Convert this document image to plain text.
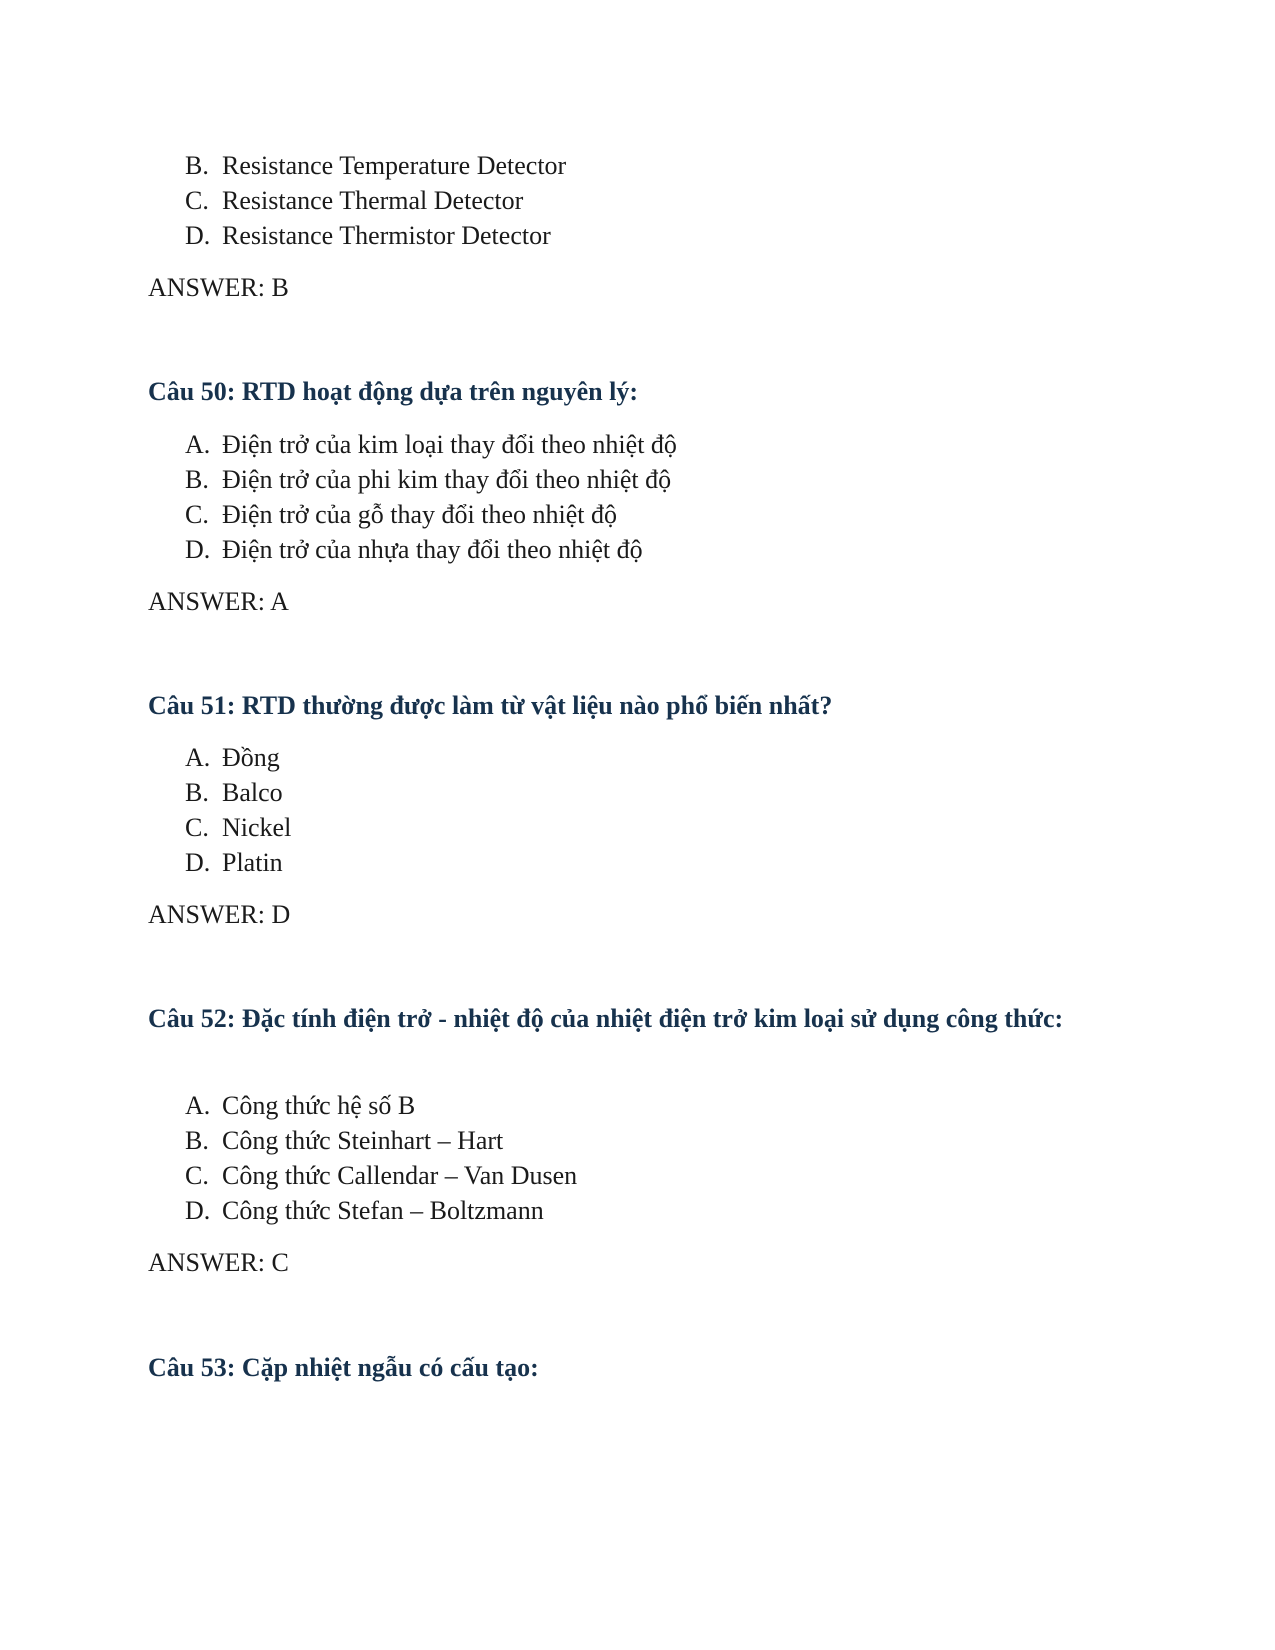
B. Resistance Temperature Detector
C. Resistance Thermal Detector
D. Resistance Thermistor Detector
ANSWER: B
Câu 50: RTD hoạt động dựa trên nguyên lý:
A. Điện trở của kim loại thay đổi theo nhiệt độ
B. Điện trở của phi kim thay đổi theo nhiệt độ
C. Điện trở của gỗ thay đổi theo nhiệt độ
D. Điện trở của nhựa thay đổi theo nhiệt độ
ANSWER: A
Câu 51: RTD thường được làm từ vật liệu nào phổ biến nhất?
A. Đồng
B. Balco
C. Nickel
D. Platin
ANSWER: D
Câu 52: Đặc tính điện trở - nhiệt độ của nhiệt điện trở kim loại sử dụng công thức:
A. Công thức hệ số B
B. Công thức Steinhart – Hart
C. Công thức Callendar – Van Dusen
D. Công thức Stefan – Boltzmann
ANSWER: C
Câu 53: Cặp nhiệt ngẫu có cấu tạo:
